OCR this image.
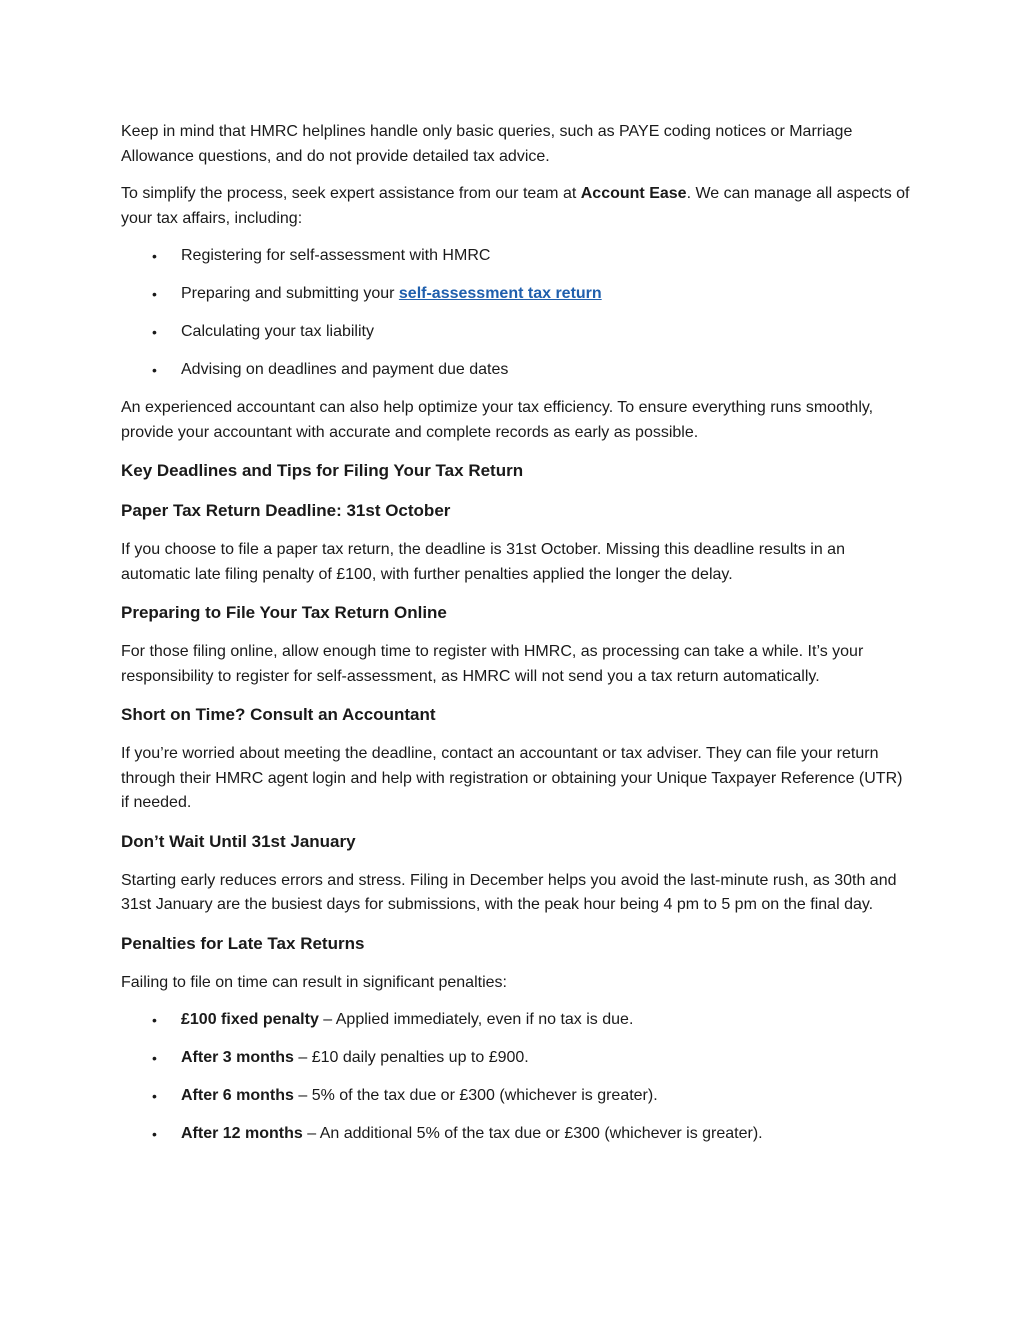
Keep in mind that HMRC helplines handle only basic queries, such as PAYE coding notices or Marriage Allowance questions, and do not provide detailed tax advice.

To simplify the process, seek expert assistance from our team at Account Ease. We can manage all aspects of your tax affairs, including:

• Registering for self-assessment with HMRC
• Preparing and submitting your self-assessment tax return
• Calculating your tax liability
• Advising on deadlines and payment due dates

An experienced accountant can also help optimize your tax efficiency. To ensure everything runs smoothly, provide your accountant with accurate and complete records as early as possible.

Key Deadlines and Tips for Filing Your Tax Return
Paper Tax Return Deadline: 31st October

If you choose to file a paper tax return, the deadline is 31st October. Missing this deadline results in an automatic late filing penalty of £100, with further penalties applied the longer the delay.

Preparing to File Your Tax Return Online

For those filing online, allow enough time to register with HMRC, as processing can take a while. It’s your responsibility to register for self-assessment, as HMRC will not send you a tax return automatically.

Short on Time? Consult an Accountant

If you’re worried about meeting the deadline, contact an accountant or tax adviser. They can file your return through their HMRC agent login and help with registration or obtaining your Unique Taxpayer Reference (UTR) if needed.

Don’t Wait Until 31st January

Starting early reduces errors and stress. Filing in December helps you avoid the last-minute rush, as 30th and 31st January are the busiest days for submissions, with the peak hour being 4 pm to 5 pm on the final day.

Penalties for Late Tax Returns

Failing to file on time can result in significant penalties:

• £100 fixed penalty – Applied immediately, even if no tax is due.
• After 3 months – £10 daily penalties up to £900.
• After 6 months – 5% of the tax due or £300 (whichever is greater).
• After 12 months – An additional 5% of the tax due or £300 (whichever is greater).
